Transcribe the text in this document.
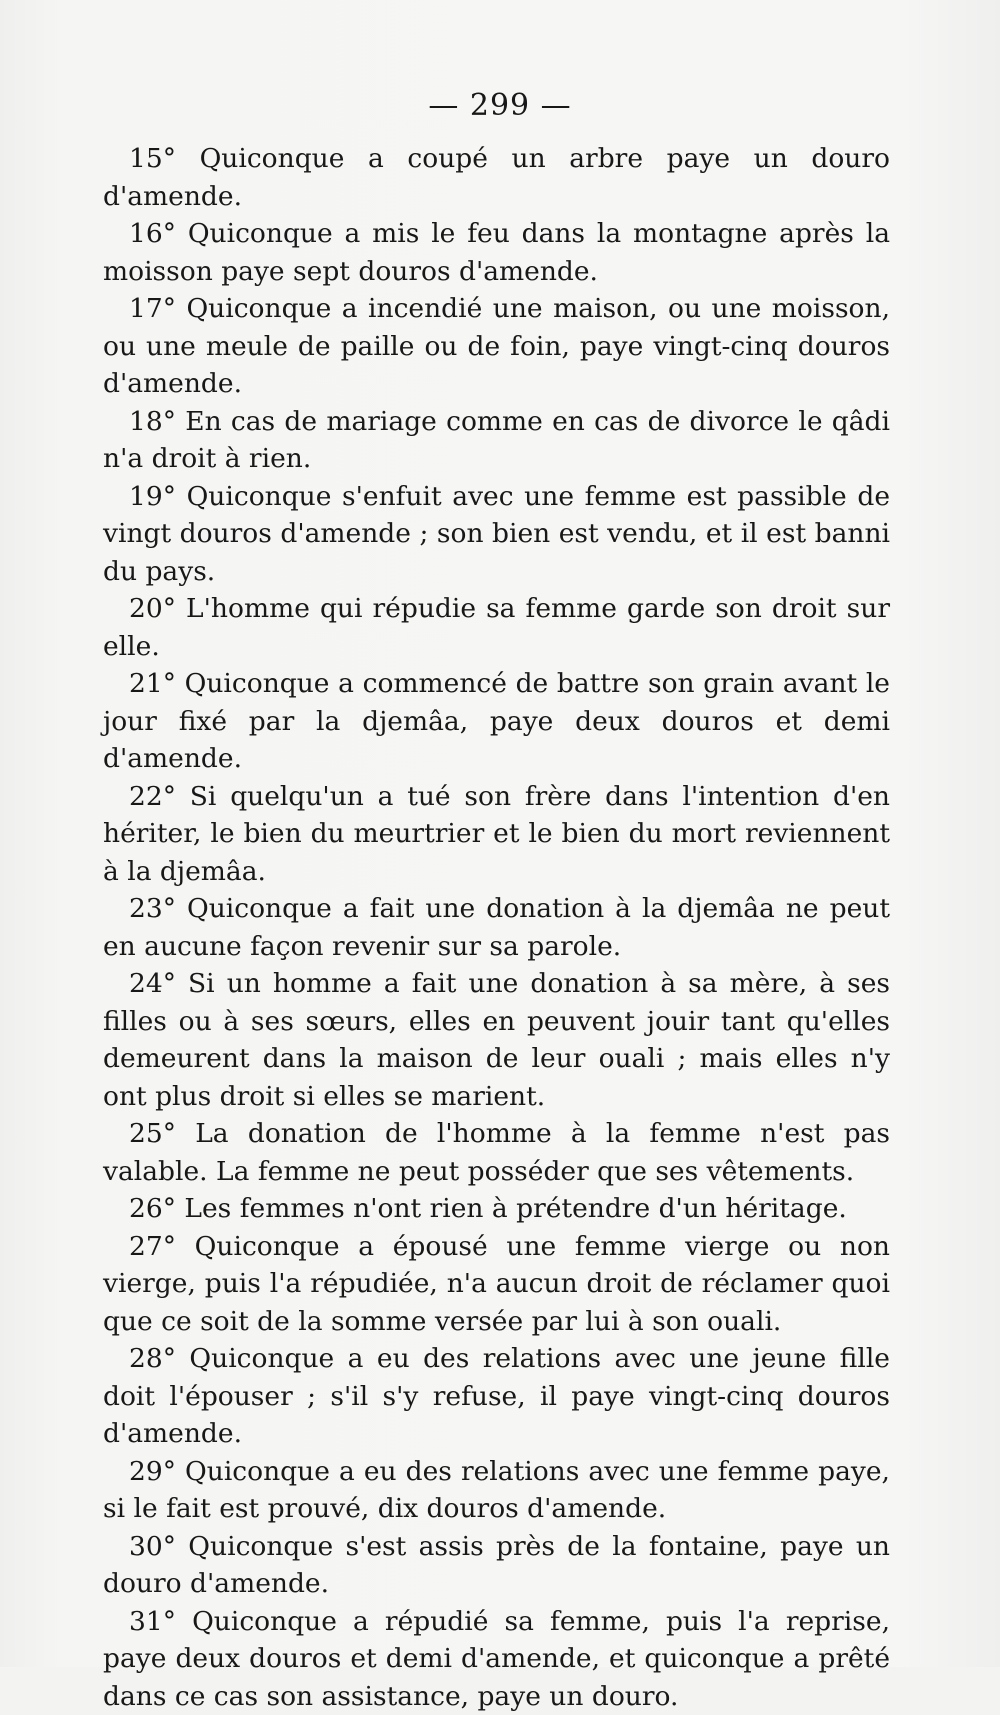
— 299 —

15° Quiconque a coupé un arbre paye un douro d'amende.

16° Quiconque a mis le feu dans la montagne après la moisson paye sept douros d'amende.

17° Quiconque a incendié une maison, ou une moisson, ou une meule de paille ou de foin, paye vingt-cinq douros d'amende.

18° En cas de mariage comme en cas de divorce le qâdi n'a droit à rien.

19° Quiconque s'enfuit avec une femme est passible de vingt douros d'amende ; son bien est vendu, et il est banni du pays.

20° L'homme qui répudie sa femme garde son droit sur elle.

21° Quiconque a commencé de battre son grain avant le jour fixé par la djemâa, paye deux douros et demi d'amende.

22° Si quelqu'un a tué son frère dans l'intention d'en hériter, le bien du meurtrier et le bien du mort reviennent à la djemâa.

23° Quiconque a fait une donation à la djemâa ne peut en aucune façon revenir sur sa parole.

24° Si un homme a fait une donation à sa mère, à ses filles ou à ses sœurs, elles en peuvent jouir tant qu'elles demeurent dans la maison de leur ouali ; mais elles n'y ont plus droit si elles se marient.

25° La donation de l'homme à la femme n'est pas valable. La femme ne peut posséder que ses vêtements.

26° Les femmes n'ont rien à prétendre d'un héritage.

27° Quiconque a épousé une femme vierge ou non vierge, puis l'a répudiée, n'a aucun droit de réclamer quoi que ce soit de la somme versée par lui à son ouali.

28° Quiconque a eu des relations avec une jeune fille doit l'épouser ; s'il s'y refuse, il paye vingt-cinq douros d'amende.

29° Quiconque a eu des relations avec une femme paye, si le fait est prouvé, dix douros d'amende.

30° Quiconque s'est assis près de la fontaine, paye un douro d'amende.

31° Quiconque a répudié sa femme, puis l'a reprise, paye deux douros et demi d'amende, et quiconque a prêté dans ce cas son assistance, paye un douro.
